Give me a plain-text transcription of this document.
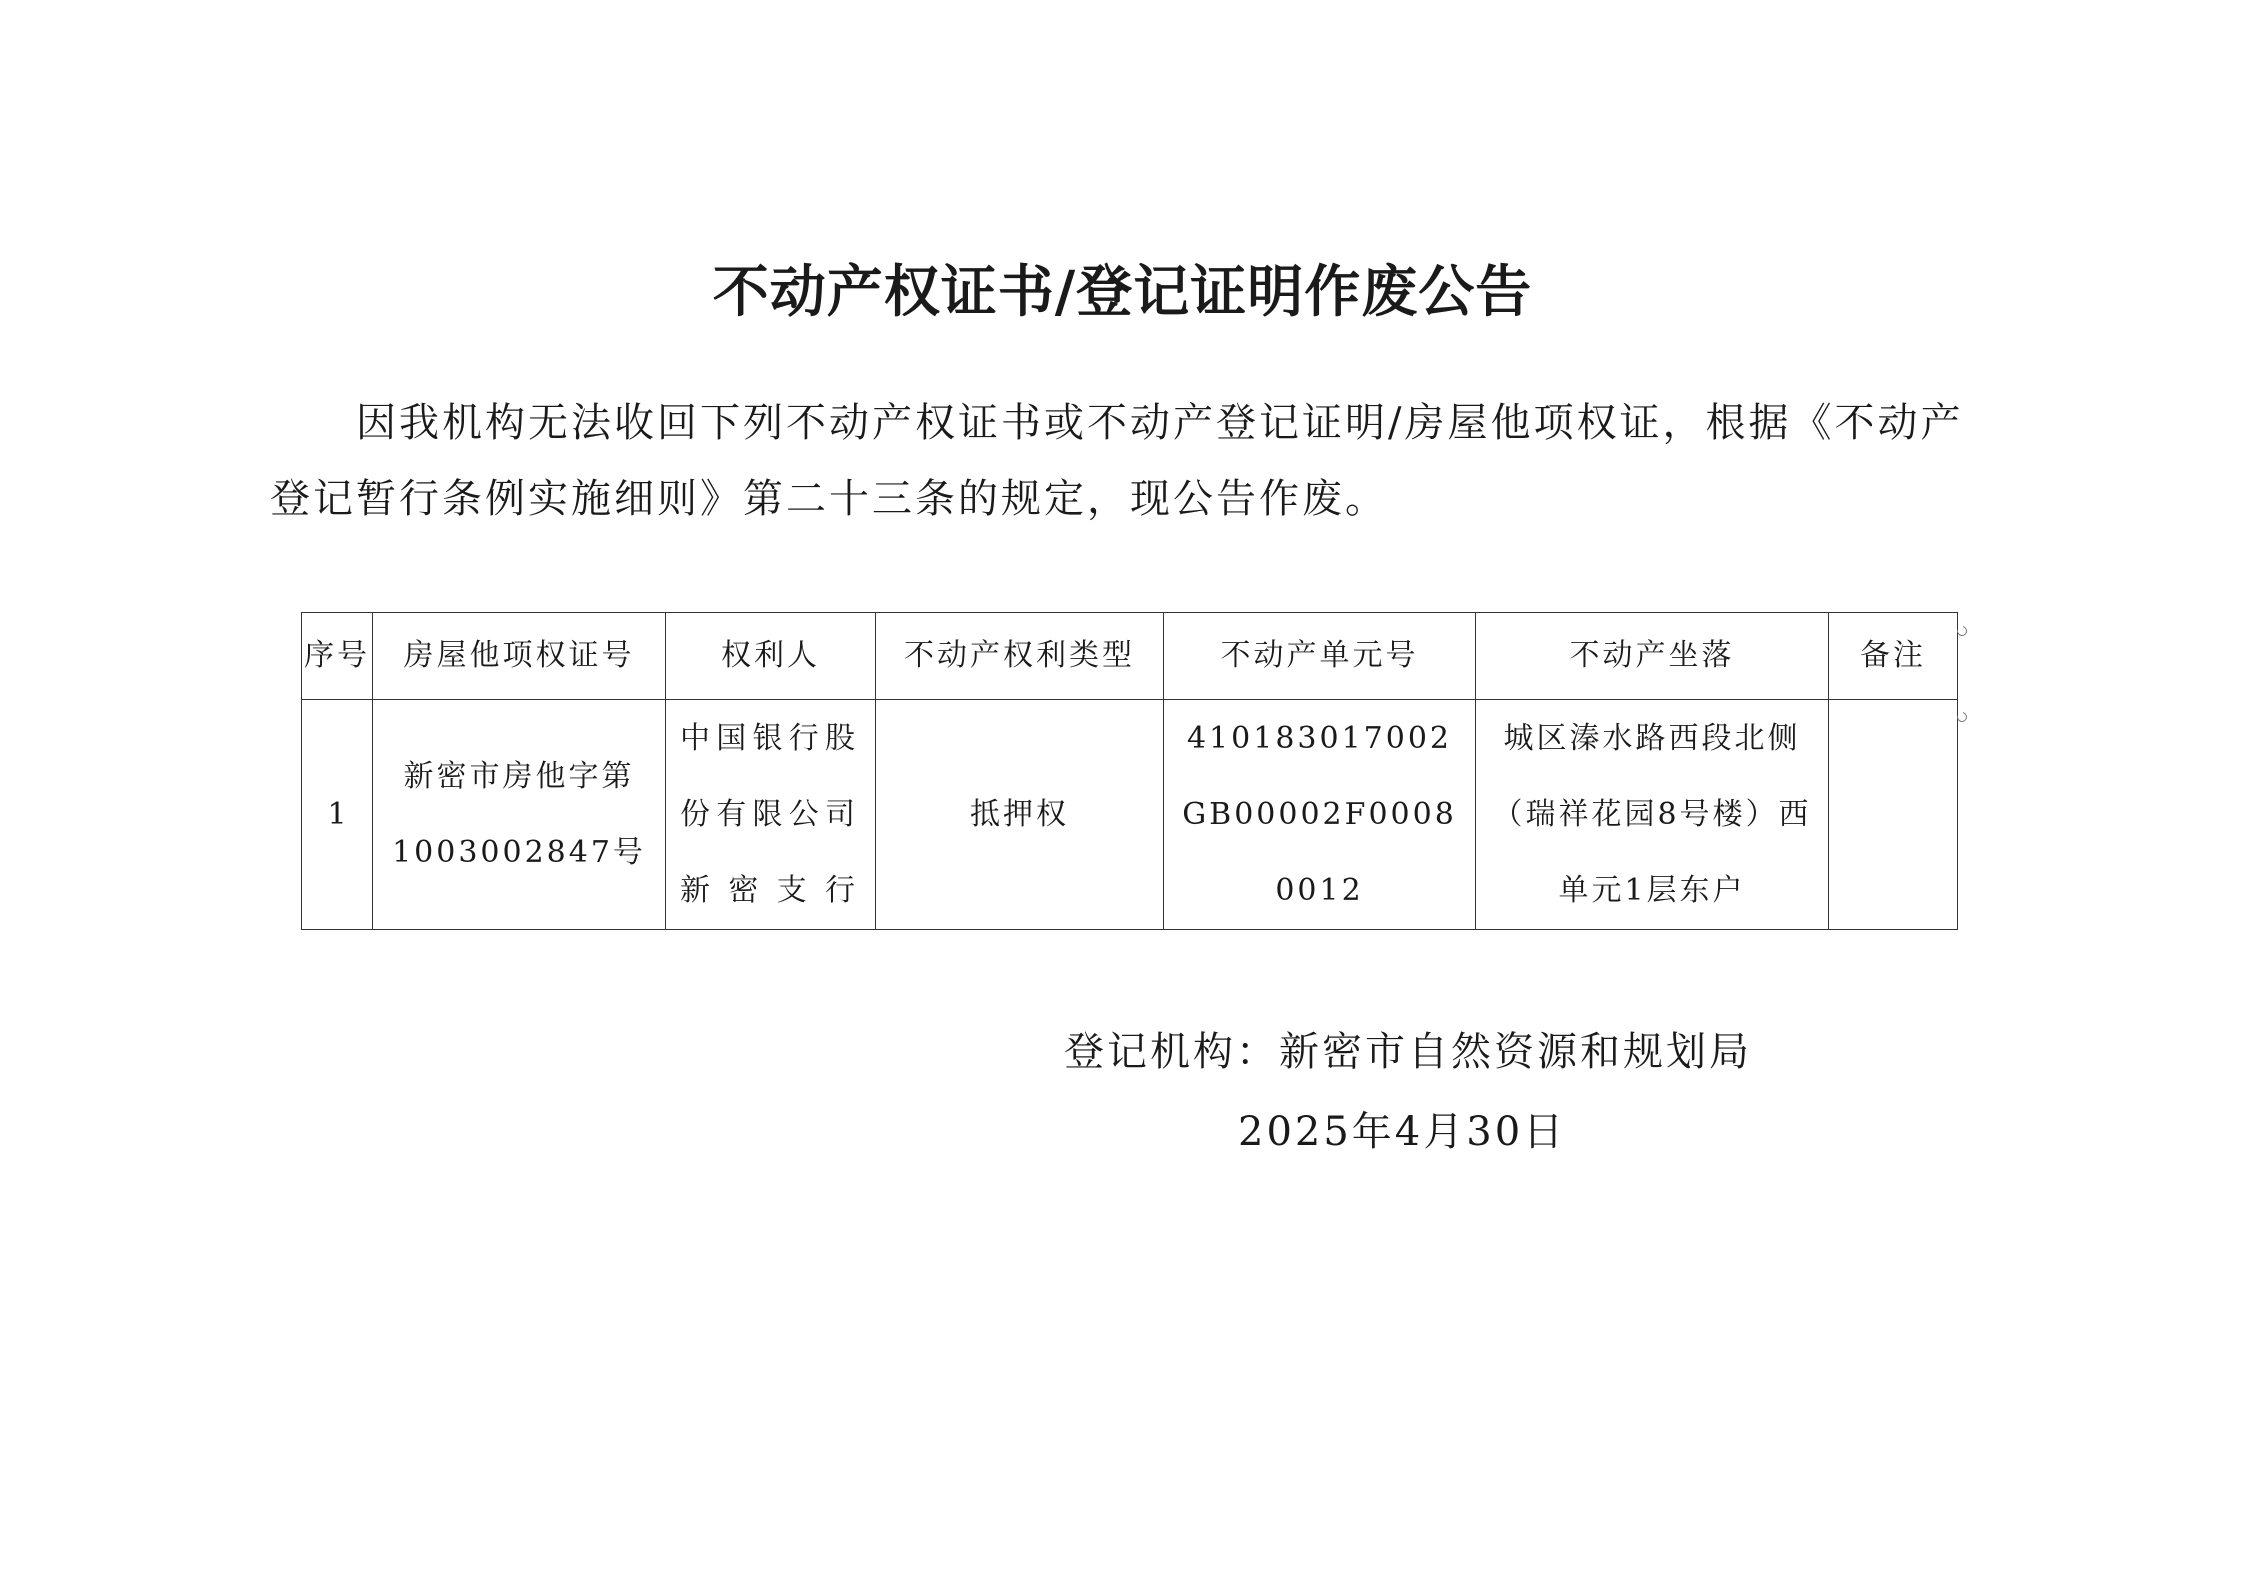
不动产权证书/登记证明作废公告
因我机构无法收回下列不动产权证书或不动产登记证明/房屋他项权证，根据《不动产登记暂行条例实施细则》第二十三条的规定，现公告作废。
序号	房屋他项权证号	权利人	不动产权利类型	不动产单元号	不动产坐落	备注
1	新密市房他字第1003002847号	中国银行股份有限公司新密支行	抵押权	410183017002GB00002F00080012	城区溱水路西段北侧（瑞祥花园8号楼）西单元1层东户	
登记机构：新密市自然资源和规划局
2025年4月30日
